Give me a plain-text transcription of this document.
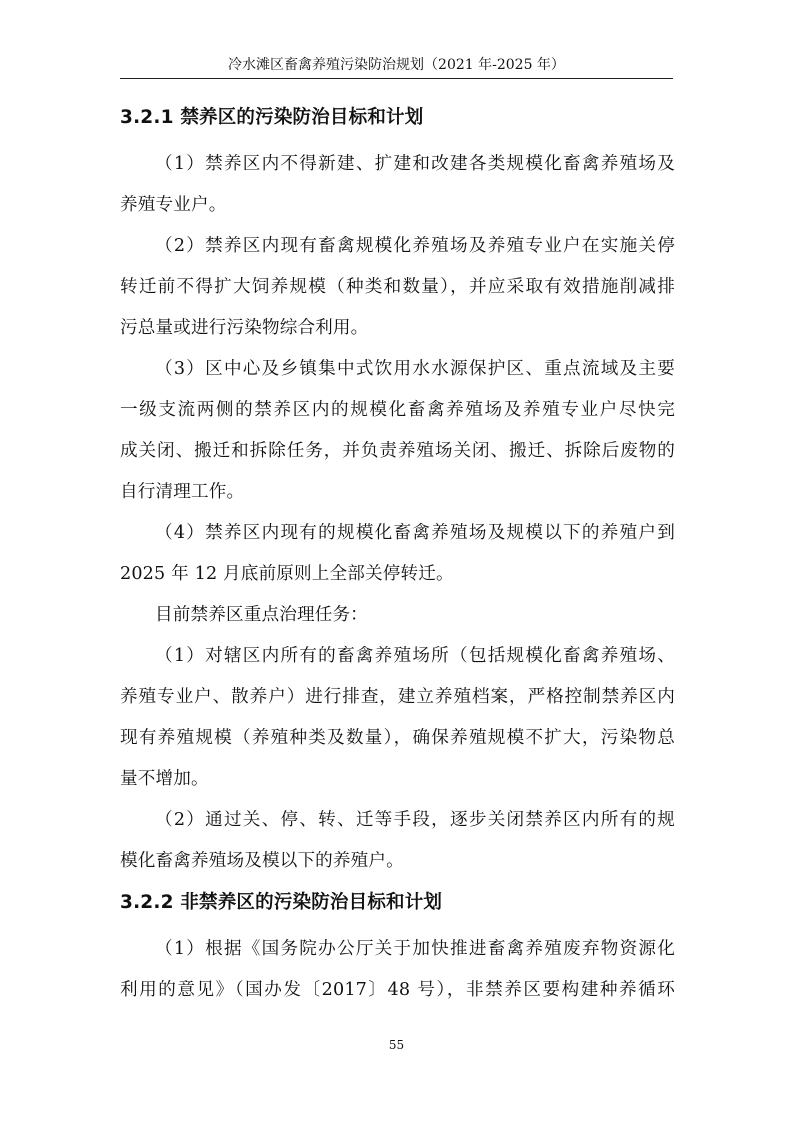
冷水滩区畜禽养殖污染防治规划（2021 年-2025 年）
3.2.1 禁养区的污染防治目标和计划

（1）禁养区内不得新建、扩建和改建各类规模化畜禽养殖场及

养殖专业户。

（2）禁养区内现有畜禽规模化养殖场及养殖专业户在实施关停

转迁前不得扩大饲养规模（种类和数量），并应采取有效措施削减排

污总量或进行污染物综合利用。

（3）区中心及乡镇集中式饮用水水源保护区、重点流域及主要

一级支流两侧的禁养区内的规模化畜禽养殖场及养殖专业户尽快完

成关闭、搬迁和拆除任务，并负责养殖场关闭、搬迁、拆除后废物的

自行清理工作。

（4）禁养区内现有的规模化畜禽养殖场及规模以下的养殖户到

2025 年 12 月底前原则上全部关停转迁。

目前禁养区重点治理任务：

（1）对辖区内所有的畜禽养殖场所（包括规模化畜禽养殖场、

养殖专业户、散养户）进行排查，建立养殖档案，严格控制禁养区内

现有养殖规模（养殖种类及数量），确保养殖规模不扩大，污染物总

量不增加。

（2）通过关、停、转、迁等手段，逐步关闭禁养区内所有的规

模化畜禽养殖场及模以下的养殖户。

3.2.2 非禁养区的污染防治目标和计划

（1）根据《国务院办公厅关于加快推进畜禽养殖废弃物资源化

利用的意见》（国办发〔2017〕48 号），非禁养区要构建种养循环

55
